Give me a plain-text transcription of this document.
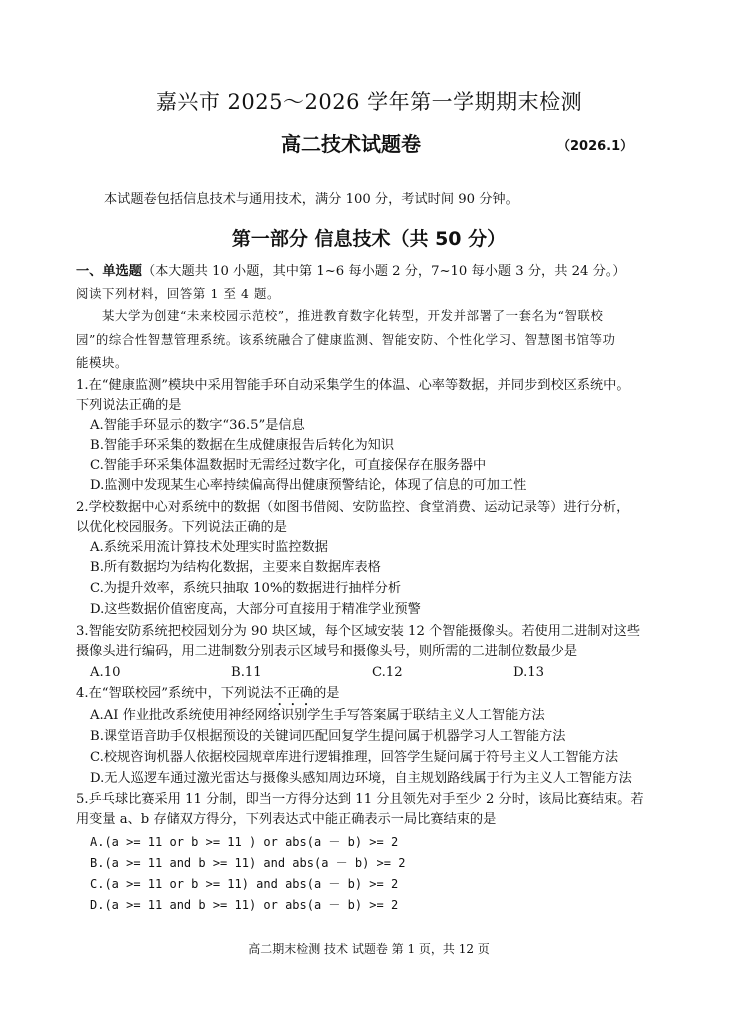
嘉兴市 2025～2026 学年第一学期期末检测
高二技术试题卷	（2026.1）
本试题卷包括信息技术与通用技术，满分 100 分，考试时间 90 分钟。
第一部分 信息技术（共 50 分）
一、单选题（本大题共 10 小题，其中第 1~6 每小题 2 分，7~10 每小题 3 分，共 24 分。）
阅读下列材料，回答第 1 至 4 题。
某大学为创建“未来校园示范校”，推进教育数字化转型，开发并部署了一套名为“智联校
园”的综合性智慧管理系统。该系统融合了健康监测、智能安防、个性化学习、智慧图书馆等功
能模块。
1.在“健康监测”模块中采用智能手环自动采集学生的体温、心率等数据，并同步到校区系统中。
下列说法正确的是
A.智能手环显示的数字“36.5”是信息
B.智能手环采集的数据在生成健康报告后转化为知识
C.智能手环采集体温数据时无需经过数字化，可直接保存在服务器中
D.监测中发现某生心率持续偏高得出健康预警结论，体现了信息的可加工性
2.学校数据中心对系统中的数据（如图书借阅、安防监控、食堂消费、运动记录等）进行分析，
以优化校园服务。下列说法正确的是
A.系统采用流计算技术处理实时监控数据
B.所有数据均为结构化数据，主要来自数据库表格
C.为提升效率，系统只抽取 10%的数据进行抽样分析
D.这些数据价值密度高，大部分可直接用于精准学业预警
3.智能安防系统把校园划分为 90 块区域，每个区域安装 12 个智能摄像头。若使用二进制对这些
摄像头进行编码，用二进制数分别表示区域号和摄像头号，则所需的二进制位数最少是
A.10	B.11	C.12	D.13
4.在“智联校园”系统中，下列说法不正确的是
A.AI 作业批改系统使用神经网络识别学生手写答案属于联结主义人工智能方法
B.课堂语音助手仅根据预设的关键词匹配回复学生提问属于机器学习人工智能方法
C.校规咨询机器人依据校园规章库进行逻辑推理，回答学生疑问属于符号主义人工智能方法
D.无人巡逻车通过激光雷达与摄像头感知周边环境，自主规划路线属于行为主义人工智能方法
5.乒乓球比赛采用 11 分制，即当一方得分达到 11 分且领先对手至少 2 分时，该局比赛结束。若
用变量 a、b 存储双方得分，下列表达式中能正确表示一局比赛结束的是
A.(a >= 11 or b >= 11 ) or abs(a － b) >= 2
B.(a >= 11 and b >= 11) and abs(a － b) >= 2
C.(a >= 11 or b >= 11) and abs(a － b) >= 2
D.(a >= 11 and b >= 11) or abs(a － b) >= 2
高二期末检测 技术 试题卷 第 1 页，共 12 页
